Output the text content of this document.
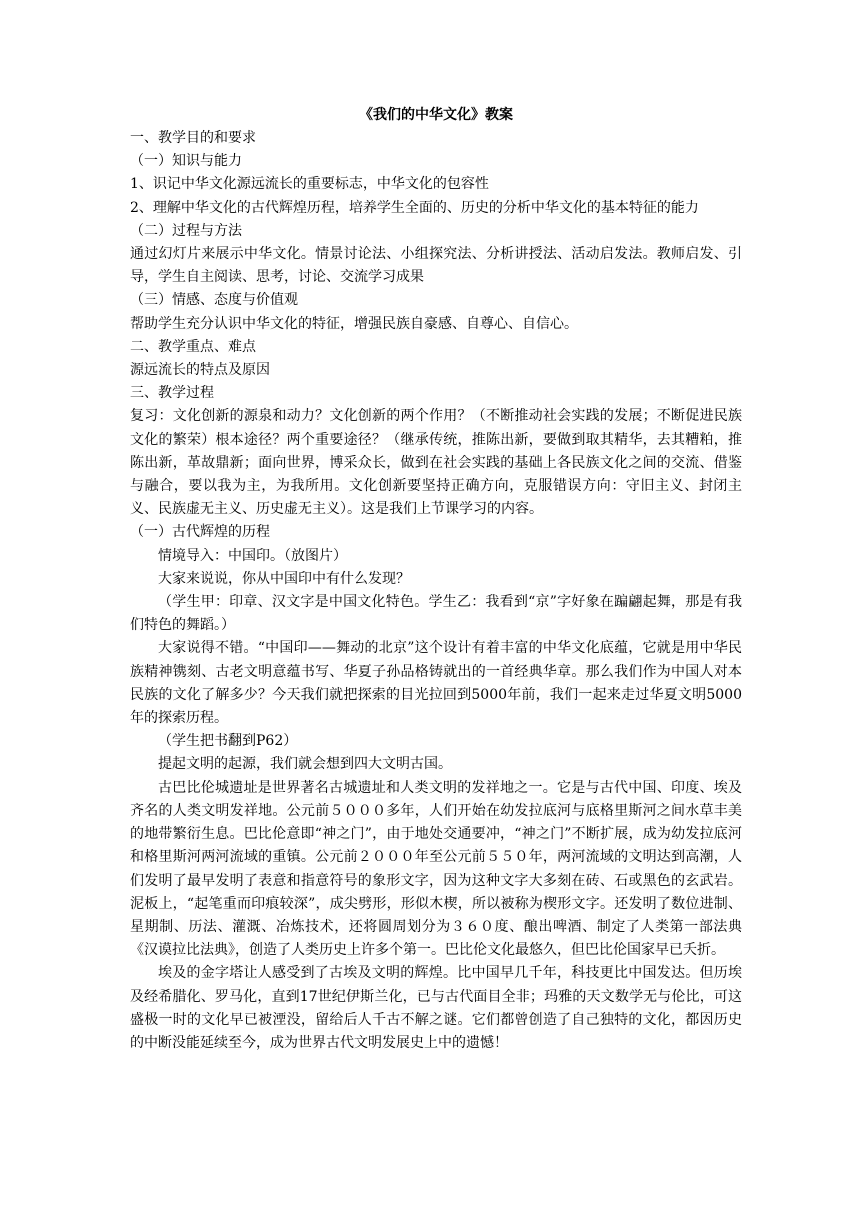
《我们的中华文化》教案

一、教学目的和要求

（一）知识与能力

1、识记中华文化源远流长的重要标志，中华文化的包容性

2、理解中华文化的古代辉煌历程，培养学生全面的、历史的分析中华文化的基本特征的能力

（二）过程与方法

通过幻灯片来展示中华文化。情景讨论法、小组探究法、分析讲授法、活动启发法。教师启发、引导，学生自主阅读、思考，讨论、交流学习成果

（三）情感、态度与价值观

帮助学生充分认识中华文化的特征，增强民族自豪感、自尊心、自信心。

二、教学重点、难点

源远流长的特点及原因

三、教学过程

复习：文化创新的源泉和动力？文化创新的两个作用？（不断推动社会实践的发展；不断促进民族文化的繁荣）根本途径？两个重要途径？（继承传统，推陈出新，要做到取其精华，去其糟粕，推陈出新，革故鼎新；面向世界，博采众长，做到在社会实践的基础上各民族文化之间的交流、借鉴与融合，要以我为主，为我所用。文化创新要坚持正确方向，克服错误方向：守旧主义、封闭主义、民族虚无主义、历史虚无主义）。这是我们上节课学习的内容。

（一）古代辉煌的历程

情境导入：中国印。（放图片）

大家来说说，你从中国印中有什么发现？

（学生甲：印章、汉文字是中国文化特色。学生乙：我看到“京”字好象在蹁翩起舞，那是有我们特色的舞蹈。）

大家说得不错。“中国印——舞动的北京”这个设计有着丰富的中华文化底蕴，它就是用中华民族精神镌刻、古老文明意蕴书写、华夏子孙品格铸就出的一首经典华章。那么我们作为中国人对本民族的文化了解多少？今天我们就把探索的目光拉回到5000年前，我们一起来走过华夏文明5000年的探索历程。

（学生把书翻到P62）

提起文明的起源，我们就会想到四大文明古国。

古巴比伦城遗址是世界著名古城遗址和人类文明的发祥地之一。它是与古代中国、印度、埃及齐名的人类文明发祥地。公元前５０００多年，人们开始在幼发拉底河与底格里斯河之间水草丰美的地带繁衍生息。巴比伦意即“神之门”，由于地处交通要冲，“神之门”不断扩展，成为幼发拉底河和格里斯河两河流域的重镇。公元前２０００年至公元前５５０年，两河流域的文明达到高潮，人们发明了最早发明了表意和指意符号的象形文字，因为这种文字大多刻在砖、石或黑色的玄武岩。泥板上，“起笔重而印痕较深”，成尖劈形，形似木楔，所以被称为楔形文字。还发明了数位进制、星期制、历法、灌溉、冶炼技术，还将圆周划分为３６０度、酿出啤酒、制定了人类第一部法典《汉谟拉比法典》，创造了人类历史上许多个第一。巴比伦文化最悠久，但巴比伦国家早已夭折。

埃及的金字塔让人感受到了古埃及文明的辉煌。比中国早几千年，科技更比中国发达。但历埃及经希腊化、罗马化，直到17世纪伊斯兰化，已与古代面目全非；玛雅的天文数学无与伦比，可这盛极一时的文化早已被湮没，留给后人千古不解之谜。它们都曾创造了自己独特的文化，都因历史的中断没能延续至今，成为世界古代文明发展史上中的遗憾！
